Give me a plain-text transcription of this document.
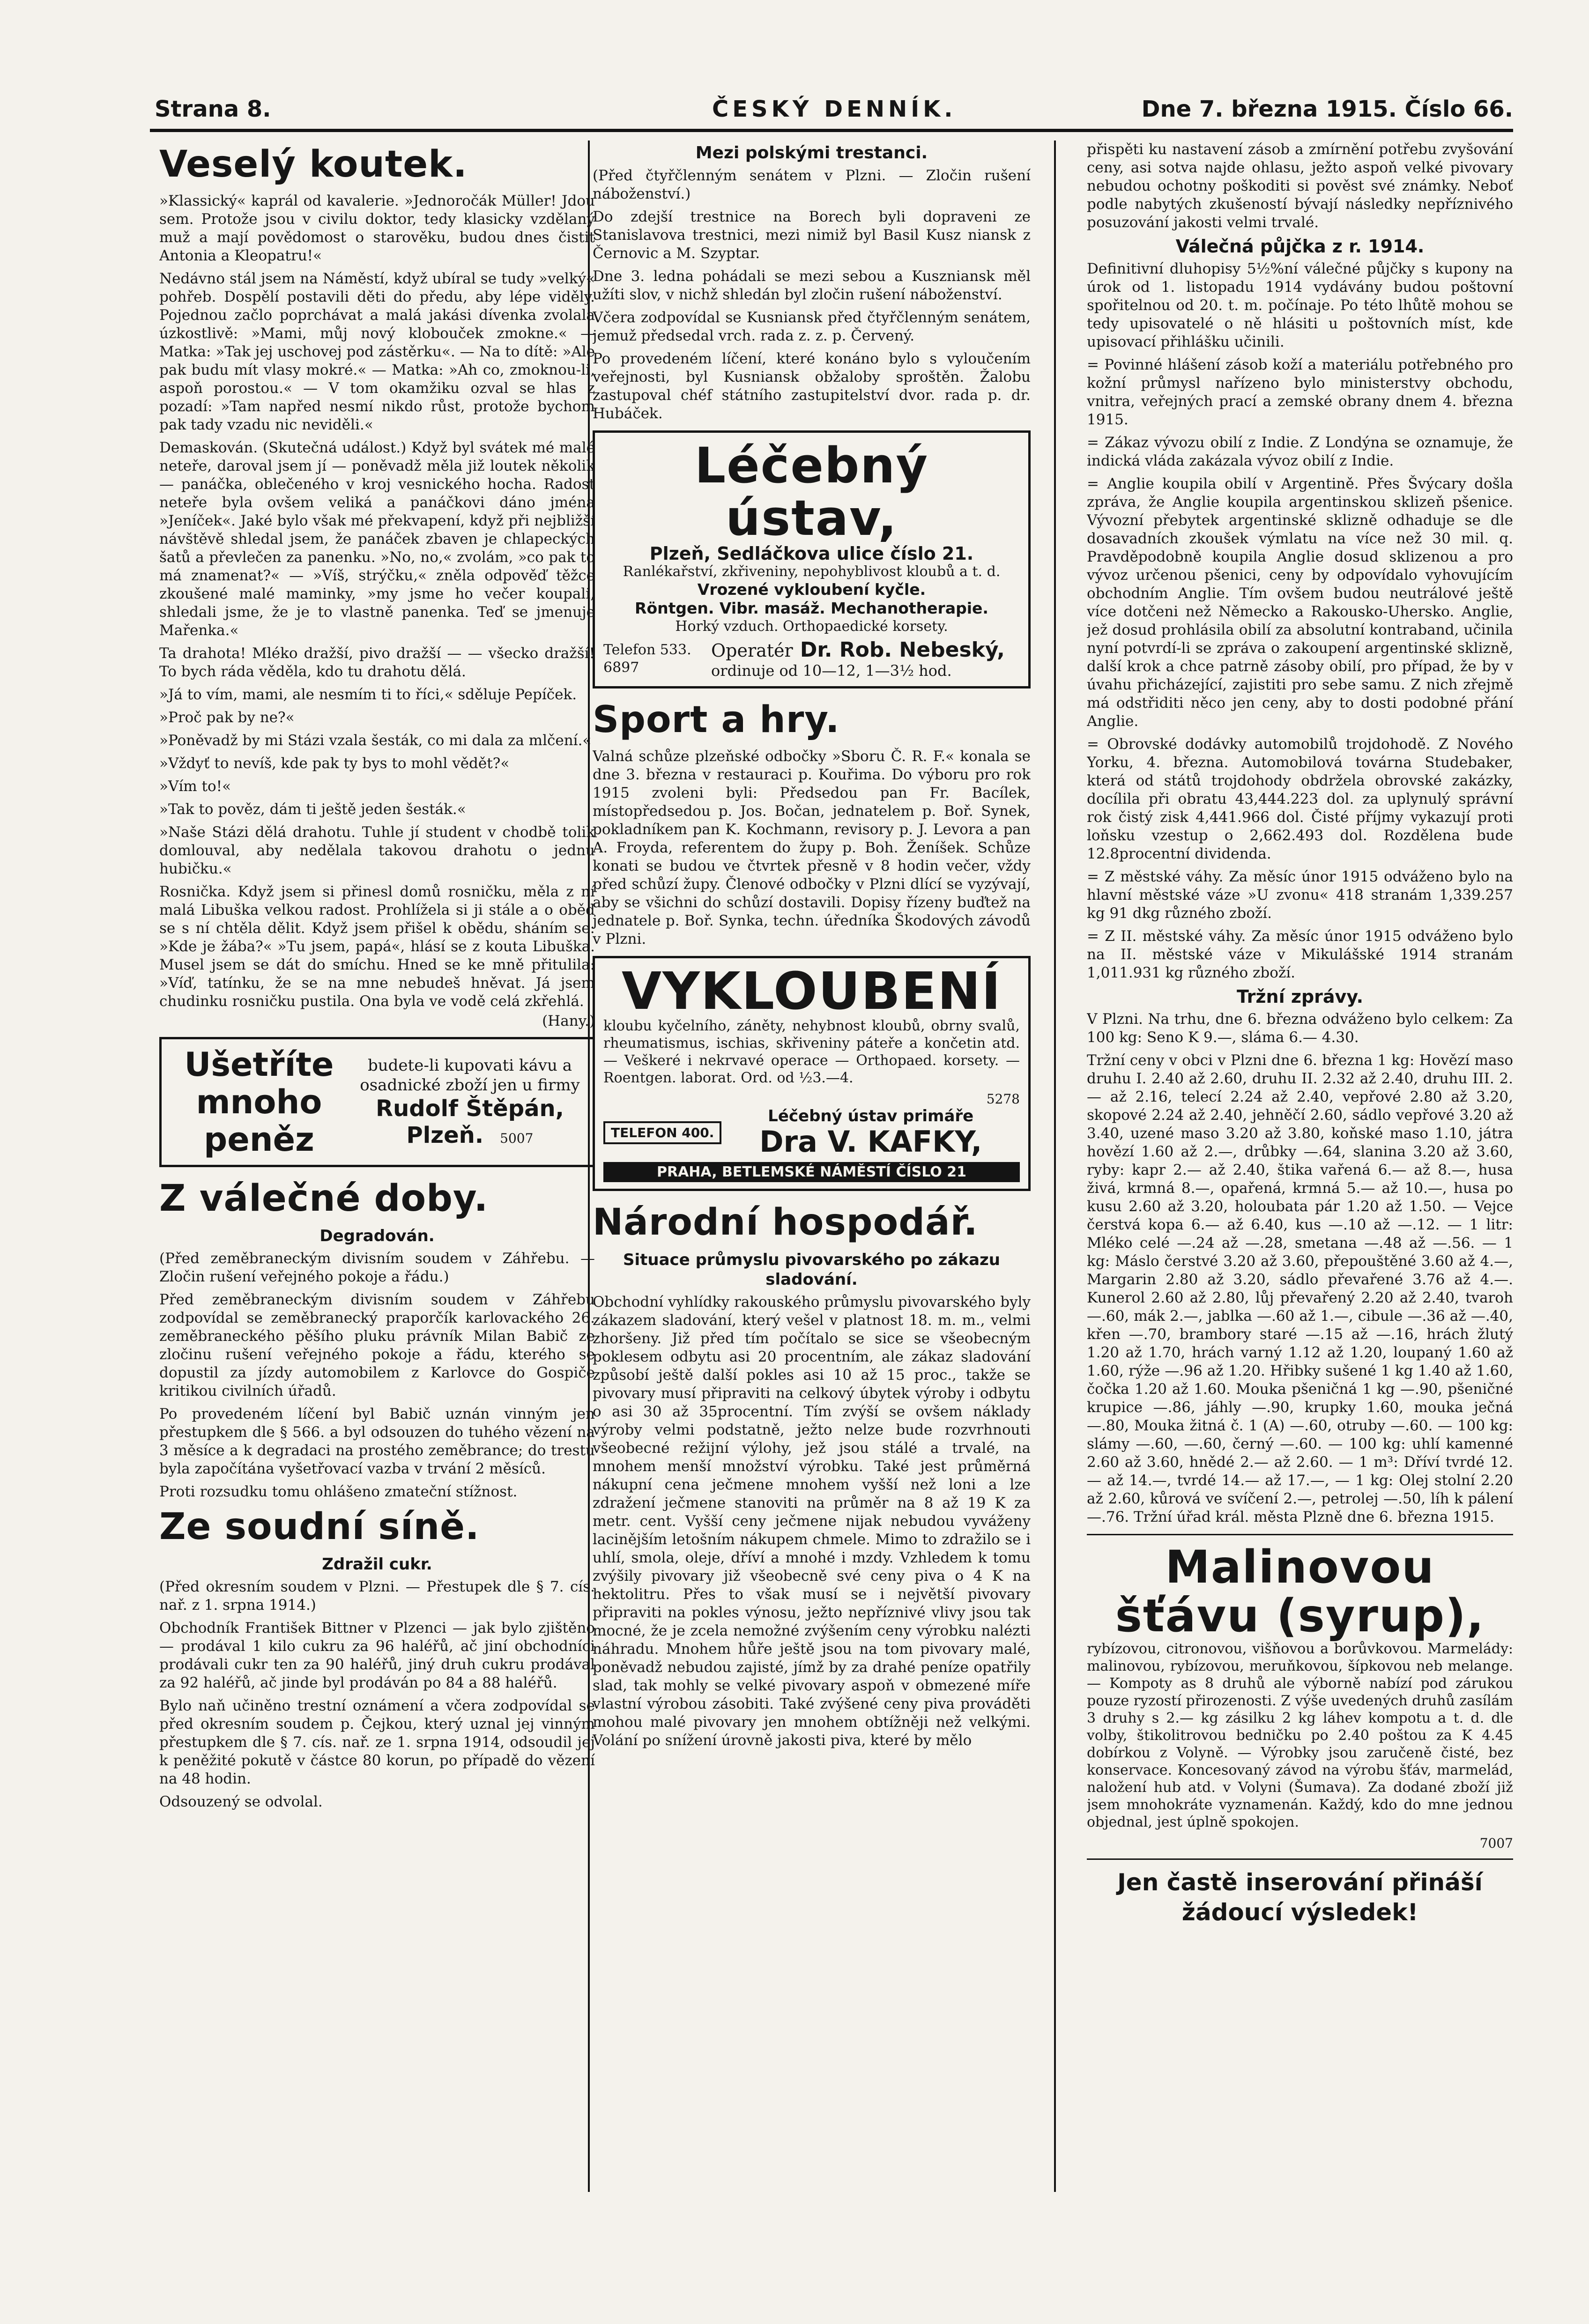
Strana 8.	ČESKÝ DENNÍK.	Dne 7. března 1915. Číslo 66.
Veselý koutek.

»Klassický« kaprál od kavalerie. »Jednoročák Müller! Jdou sem. Protože jsou v civilu doktor, tedy klasicky vzdělaný muž a mají povědomost o starověku, budou dnes čistit Antonia a Kleopatru!«

Nedávno stál jsem na Náměstí, když ubíral se tudy »velký« pohřeb. Dospělí postavili děti do předu, aby lépe viděly. Pojednou začlo poprchávat a malá jakási dívenka zvolala úzkostlivě: »Mami, můj nový klobouček zmokne.« — Matka: »Tak jej uschovej pod zástěrku«. — Na to dítě: »Ale pak budu mít vlasy mokré.« — Matka: »Ah co, zmoknou-li, aspoň porostou.« — V tom okamžiku ozval se hlas z pozadí: »Tam napřed nesmí nikdo růst, protože bychom pak tady vzadu nic neviděli.«

Demaskován. (Skutečná událost.) Když byl svátek mé malé neteře, daroval jsem jí — poněvadž měla již loutek několik — panáčka, oblečeného v kroj vesnického hocha. Radost neteře byla ovšem veliká a panáčkovi dáno jména »Jeníček«. Jaké bylo však mé překvapení, když při nejbližší návštěvě shledal jsem, že panáček zbaven je chlapeckých šatů a převlečen za panenku. »No, no,« zvolám, »co pak to má znamenat?« — »Víš, strýčku,« zněla odpověď těžce zkoušené malé maminky, »my jsme ho večer koupali, shledali jsme, že je to vlastně panenka. Teď se jmenuje Mařenka.«

Ta drahota! Mléko dražší, pivo dražší — — všecko dražší! To bych ráda věděla, kdo tu drahotu dělá.

»Já to vím, mami, ale nesmím ti to říci,« sděluje Pepíček.

»Proč pak by ne?«

»Poněvadž by mi Stázi vzala šesták, co mi dala za mlčení.«

»Vždyť to nevíš, kde pak ty bys to mohl vědět?«

»Vím to!«

»Tak to pověz, dám ti ještě jeden šesták.«

»Naše Stázi dělá drahotu. Tuhle jí student v chodbě tolik domlouval, aby nedělala takovou drahotu o jednu hubičku.«

Rosnička. Když jsem si přinesl domů rosničku, měla z ní malá Libuška velkou radost. Prohlížela si ji stále a o oběd se s ní chtěla dělit. Když jsem přišel k obědu, sháním se: »Kde je žába?« »Tu jsem, papá«, hlásí se z kouta Libuška. Musel jsem se dát do smíchu. Hned se ke mně přitulila: »Víď, tatínku, že se na mne nebudeš hněvat. Já jsem chudinku rosničku pustila. Ona byla ve vodě celá zkřehlá.

(Hany.)
Ušetříte mnoho peněz
budete-li kupovati kávu a osadnické zboží jen u firmy
Rudolf Štěpán,
Plzeň. 5007
Z válečné doby.
Degradován.

(Před zeměbraneckým divisním soudem v Záhřebu. — Zločin rušení veřejného pokoje a řádu.)

Před zeměbraneckým divisním soudem v Záhřebu zodpovídal se zeměbranecký praporčík karlovackého 26. zeměbraneckého pěšího pluku právník Milan Babič ze zločinu rušení veřejného pokoje a řádu, kterého se dopustil za jízdy automobilem z Karlovce do Gospiče kritikou civilních úřadů.

Po provedeném líčení byl Babič uznán vinným jen přestupkem dle § 566. a byl odsouzen do tuhého vězení na 3 měsíce a k degradaci na prostého zeměbrance; do trestu byla započítána vyšetřovací vazba v trvání 2 měsíců.

Proti rozsudku tomu ohlášeno zmateční stížnost.

Ze soudní síně.
Zdražil cukr.

(Před okresním soudem v Plzni. — Přestupek dle § 7. cís. nař. z 1. srpna 1914.)

Obchodník František Bittner v Plzenci — jak bylo zjištěno — prodával 1 kilo cukru za 96 haléřů, ač jiní obchodníci prodávali cukr ten za 90 haléřů, jiný druh cukru prodával za 92 haléřů, ač jinde byl prodáván po 84 a 88 haléřů.

Bylo naň učiněno trestní oznámení a včera zodpovídal se před okresním soudem p. Čejkou, který uznal jej vinným přestupkem dle § 7. cís. nař. ze 1. srpna 1914, odsoudil jej k peněžité pokutě v částce 80 korun, po případě do vězení na 48 hodin.

Odsouzený se odvolal.

Mezi polskými trestanci.

(Před čtyřčlenným senátem v Plzni. — Zločin rušení náboženství.)

Do zdejší trestnice na Borech byli dopraveni ze Stanislavova trestnici, mezi nimiž byl Basil Kusz niansk z Černovic a M. Szyptar.

Dne 3. ledna pohádali se mezi sebou a Kuszniansk měl užíti slov, v nichž shledán byl zločin rušení náboženství.

Včera zodpovídal se Kusniansk před čtyřčlenným senátem, jemuž předsedal vrch. rada z. z. p. Červený.

Po provedeném líčení, které konáno bylo s vyloučením veřejnosti, byl Kusniansk obžaloby sproštěn. Žalobu zastupoval chéf státního zastupitelství dvor. rada p. dr. Hubáček.

Léčebný ústav,

Plzeň, Sedláčkova ulice číslo 21.

Ranlékařství, zkřiveniny, nepohyblivost kloubů a t. d.

Vrozené vykloubení kyčle.

Röntgen. Vibr. masáž. Mechanotherapie.

Horký vzduch. Orthopaedické korsety.

Telefon 533.
6897
Operatér Dr. Rob. Nebeský,
ordinuje od 10—12, 1—3½ hod.
Sport a hry.

Valná schůze plzeňské odbočky »Sboru Č. R. F.« konala se dne 3. března v restauraci p. Kouřima. Do výboru pro rok 1915 zvoleni byli: Předsedou pan Fr. Bacílek, místopředsedou p. Jos. Bočan, jednatelem p. Boř. Synek, pokladníkem pan K. Kochmann, revisory p. J. Levora a pan A. Froyda, referentem do župy p. Boh. Ženíšek. Schůze konati se budou ve čtvrtek přesně v 8 hodin večer, vždy před schůzí župy. Členové odbočky v Plzni dlící se vyzývají, aby se všichni do schůzí dostavili. Dopisy řízeny buďtež na jednatele p. Boř. Synka, techn. úředníka Škodových závodů v Plzni.

VYKLOUBENÍ

kloubu kyčelního, záněty, nehybnost kloubů, obrny svalů, rheumatismus, ischias, skřiveniny páteře a končetin atd. — Veškeré i nekrvavé operace — Orthopaed. korsety. — Roentgen. laborat. Ord. od ½3.—4.

5278
TELEFON 400.
Léčebný ústav primáře
Dra V. KAFKY,
PRAHA, BETLEMSKÉ NÁMĚSTÍ ČÍSLO 21
Národní hospodář.
Situace průmyslu pivovarského po zákazu sladování.

Obchodní vyhlídky rakouského průmyslu pivovarského byly zákazem sladování, který vešel v platnost 18. m. m., velmi zhoršeny. Již před tím počítalo se sice se všeobecným poklesem odbytu asi 20 procentním, ale zákaz sladování způsobí ještě další pokles asi 10 až 15 proc., takže se pivovary musí připraviti na celkový úbytek výroby i odbytu o asi 30 až 35procentní. Tím zvýší se ovšem náklady výroby velmi podstatně, ježto nelze bude rozvrhnouti všeobecné režijní výlohy, jež jsou stálé a trvalé, na mnohem menší množství výrobku. Také jest průměrná nákupní cena ječmene mnohem vyšší než loni a lze zdražení ječmene stanoviti na průměr na 8 až 19 K za metr. cent. Vyšší ceny ječmene nijak nebudou vyváženy lacinějším letošním nákupem chmele. Mimo to zdražilo se i uhlí, smola, oleje, dříví a mnohé i mzdy. Vzhledem k tomu zvýšily pivovary již všeobecně své ceny piva o 4 K na hektolitru. Přes to však musí se i největší pivovary připraviti na pokles výnosu, ježto nepříznivé vlivy jsou tak mocné, že je zcela nemožné zvýšením ceny výrobku nalézti náhradu. Mnohem hůře ještě jsou na tom pivovary malé, poněvadž nebudou zajisté, jímž by za drahé peníze opatřily slad, tak mohly se velké pivovary aspoň v obmezené míře vlastní výrobou zásobiti. Také zvýšené ceny piva prováděti mohou malé pivovary jen mnohem obtížněji než velkými. Volání po snížení úrovně jakosti piva, které by mělo

přispěti ku nastavení zásob a zmírnění potřebu zvyšování ceny, asi sotva najde ohlasu, ježto aspoň velké pivovary nebudou ochotny poškoditi si pověst své známky. Neboť podle nabytých zkušeností bývají následky nepříznivého posuzování jakosti velmi trvalé.

Válečná půjčka z r. 1914.

Definitivní dluhopisy 5½%ní válečné půjčky s kupony na úrok od 1. listopadu 1914 vydávány budou poštovní spořitelnou od 20. t. m. počínaje. Po této lhůtě mohou se tedy upisovatelé o ně hlásiti u poštovních míst, kde upisovací přihlášku učinili.

= Povinné hlášení zásob koží a materiálu potřebného pro kožní průmysl nařízeno bylo ministerstvy obchodu, vnitra, veřejných prací a zemské obrany dnem 4. března 1915.

= Zákaz vývozu obilí z Indie. Z Londýna se oznamuje, že indická vláda zakázala vývoz obilí z Indie.

= Anglie koupila obilí v Argentině. Přes Švýcary došla zpráva, že Anglie koupila argentinskou sklizeň pšenice. Vývozní přebytek argentinské sklizně odhaduje se dle dosavadních zkoušek výmlatu na více než 30 mil. q. Pravděpodobně koupila Anglie dosud sklizenou a pro vývoz určenou pšenici, ceny by odpovídalo vyhovujícím obchodním Anglie. Tím ovšem budou neutrálové ještě více dotčeni než Německo a Rakousko-Uhersko. Anglie, jež dosud prohlásila obilí za absolutní kontraband, učinila nyní potvrdí-li se zpráva o zakoupení argentinské sklizně, další krok a chce patrně zásoby obilí, pro případ, že by v úvahu přicházející, zajistiti pro sebe samu. Z nich zřejmě má odstřiditi něco jen ceny, aby to dosti podobné přání Anglie.

= Obrovské dodávky automobilů trojdohodě. Z Nového Yorku, 4. března. Automobilová továrna Studebaker, která od států trojdohody obdržela obrovské zakázky, docílila při obratu 43,444.223 dol. za uplynulý správní rok čistý zisk 4,441.966 dol. Čisté příjmy vykazují proti loňsku vzestup o 2,662.493 dol. Rozdělena bude 12.8procentní dividenda.

= Z městské váhy. Za měsíc únor 1915 odváženo bylo na hlavní městské váze »U zvonu« 418 stranám 1,339.257 kg 91 dkg různého zboží.

= Z II. městské váhy. Za měsíc únor 1915 odváženo bylo na II. městské váze v Mikulášské 1914 stranám 1,011.931 kg různého zboží.

Tržní zprávy.

V Plzni. Na trhu, dne 6. března odváženo bylo celkem: Za 100 kg: Seno K 9.—, sláma 6.— 4.30.

Tržní ceny v obci v Plzni dne 6. března 1 kg: Hovězí maso druhu I. 2.40 až 2.60, druhu II. 2.32 až 2.40, druhu III. 2.— až 2.16, telecí 2.24 až 2.40, vepřové 2.80 až 3.20, skopové 2.24 až 2.40, jehněčí 2.60, sádlo vepřové 3.20 až 3.40, uzené maso 3.20 až 3.80, koňské maso 1.10, játra hovězí 1.60 až 2.—, drůbky —.64, slanina 3.20 až 3.60, ryby: kapr 2.— až 2.40, štika vařená 6.— až 8.—, husa živá, krmná 8.—, opařená, krmná 5.— až 10.—, husa po kusu 2.60 až 3.20, holoubata pár 1.20 až 1.50. — Vejce čerstvá kopa 6.— až 6.40, kus —.10 až —.12. — 1 litr: Mléko celé —.24 až —.28, smetana —.48 až —.56. — 1 kg: Máslo čerstvé 3.20 až 3.60, přepouštěné 3.60 až 4.—, Margarin 2.80 až 3.20, sádlo převařené 3.76 až 4.—. Kunerol 2.60 až 2.80, lůj převařený 2.20 až 2.40, tvaroh —.60, mák 2.—, jablka —.60 až 1.—, cibule —.36 až —.40, křen —.70, brambory staré —.15 až —.16, hrách žlutý 1.20 až 1.70, hrách varný 1.12 až 1.20, loupaný 1.60 až 1.60, rýže —.96 až 1.20. Hřibky sušené 1 kg 1.40 až 1.60, čočka 1.20 až 1.60. Mouka pšeničná 1 kg —.90, pšeničné krupice —.86, jáhly —.90, krupky 1.60, mouka ječná —.80, Mouka žitná č. 1 (A) —.60, otruby —.60. — 100 kg: slámy —.60, —.60, černý —.60. — 100 kg: uhlí kamenné 2.60 až 3.60, hnědé 2.— až 2.60. — 1 m³: Dříví tvrdé 12.— až 14.—, tvrdé 14.— až 17.—, — 1 kg: Olej stolní 2.20 až 2.60, kůrová ve svíčení 2.—, petrolej —.50, líh k pálení —.76. Tržní úřad král. města Plzně dne 6. března 1915.

Malinovou šťávu (syrup),

rybízovou, citronovou, višňovou a borůvkovou. Marmelády: malinovou, rybízovou, meruňkovou, šípkovou neb melange. — Kompoty as 8 druhů ale výborně nabízí pod zárukou pouze ryzostí přirozenosti. Z výše uvedených druhů zasílám 3 druhy s 2.— kg zásilku 2 kg láhev kompotu a t. d. dle volby, štikolitrovou bedničku po 2.40 poštou za K 4.45 dobírkou z Volyně. — Výrobky jsou zaručeně čisté, bez konservace. Koncesovaný závod na výrobu šťáv, marmelád, naložení hub atd. v Volyni (Šumava). Za dodané zboží již jsem mnohokráte vyznamenán. Každý, kdo do mne jednou objednal, jest úplně spokojen.

7007
Jen častě inserování přináší žádoucí výsledek!
